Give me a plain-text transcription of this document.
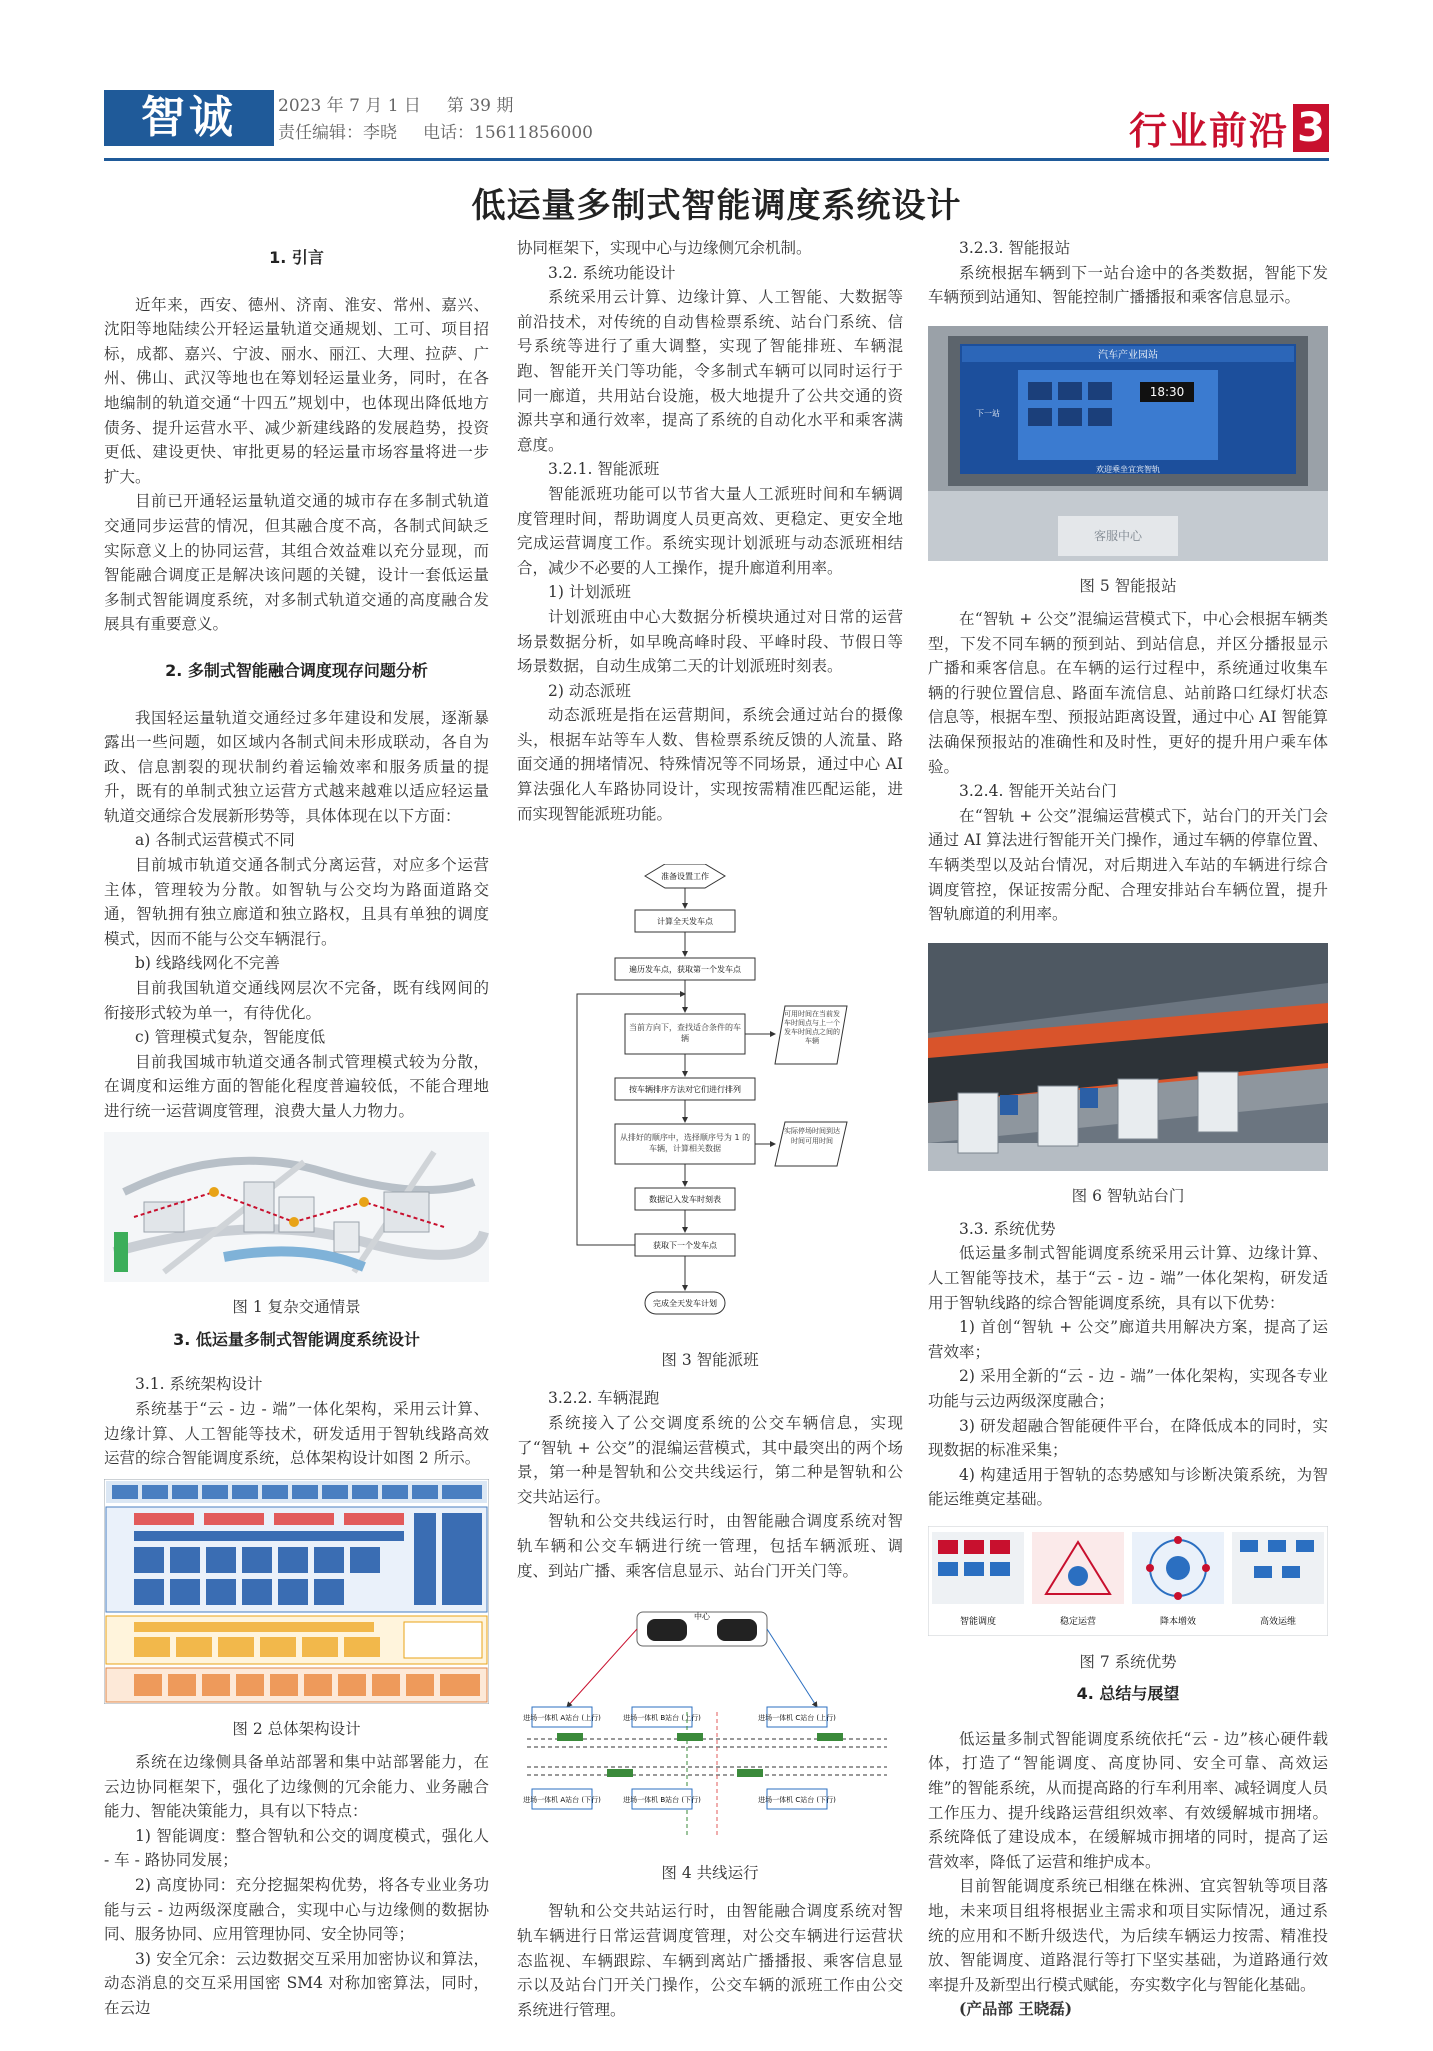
智诚	2023 年 7 月 1 日 第 39 期
责任编辑：李晓 电话：15611856000	行业前沿 3
低运量多制式智能调度系统设计
1. 引言

近年来，西安、德州、济南、淮安、常州、嘉兴、沈阳等地陆续公开轻运量轨道交通规划、工可、项目招标，成都、嘉兴、宁波、丽水、丽江、大理、拉萨、广州、佛山、武汉等地也在筹划轻运量业务，同时，在各地编制的轨道交通“十四五”规划中，也体现出降低地方债务、提升运营水平、减少新建线路的发展趋势，投资更低、建设更快、审批更易的轻运量市场容量将进一步扩大。

目前已开通轻运量轨道交通的城市存在多制式轨道交通同步运营的情况，但其融合度不高，各制式间缺乏实际意义上的协同运营，其组合效益难以充分显现，而智能融合调度正是解决该问题的关键，设计一套低运量多制式智能调度系统，对多制式轨道交通的高度融合发展具有重要意义。

2. 多制式智能融合调度现存问题分析

我国轻运量轨道交通经过多年建设和发展，逐渐暴露出一些问题，如区域内各制式间未形成联动，各自为政、信息割裂的现状制约着运输效率和服务质量的提升，既有的单制式独立运营方式越来越难以适应轻运量轨道交通综合发展新形势等，具体体现在以下方面：

a) 各制式运营模式不同

目前城市轨道交通各制式分离运营，对应多个运营主体，管理较为分散。如智轨与公交均为路面道路交通，智轨拥有独立廊道和独立路权，且具有单独的调度模式，因而不能与公交车辆混行。

b) 线路线网化不完善

目前我国轨道交通线网层次不完备，既有线网间的衔接形式较为单一，有待优化。

c) 管理模式复杂，智能度低

目前我国城市轨道交通各制式管理模式较为分散，在调度和运维方面的智能化程度普遍较低，不能合理地进行统一运营调度管理，浪费大量人力物力。

图 1 复杂交通情景
3. 低运量多制式智能调度系统设计

3.1. 系统架构设计

系统基于“云 - 边 - 端”一体化架构，采用云计算、边缘计算、人工智能等技术，研发适用于智轨线路高效运营的综合智能调度系统，总体架构设计如图 2 所示。

图 2 总体架构设计

系统在边缘侧具备单站部署和集中站部署能力，在云边协同框架下，强化了边缘侧的冗余能力、业务融合能力、智能决策能力，具有以下特点：

1) 智能调度：整合智轨和公交的调度模式，强化人 - 车 - 路协同发展；

2) 高度协同：充分挖掘架构优势，将各专业业务功能与云 - 边两级深度融合，实现中心与边缘侧的数据协同、服务协同、应用管理协同、安全协同等；

3) 安全冗余：云边数据交互采用加密协议和算法，动态消息的交互采用国密 SM4 对称加密算法，同时，在云边

协同框架下，实现中心与边缘侧冗余机制。

3.2. 系统功能设计

系统采用云计算、边缘计算、人工智能、大数据等前沿技术，对传统的自动售检票系统、站台门系统、信号系统等进行了重大调整，实现了智能排班、车辆混跑、智能开关门等功能，令多制式车辆可以同时运行于同一廊道，共用站台设施，极大地提升了公共交通的资源共享和通行效率，提高了系统的自动化水平和乘客满意度。

3.2.1. 智能派班

智能派班功能可以节省大量人工派班时间和车辆调度管理时间，帮助调度人员更高效、更稳定、更安全地完成运营调度工作。系统实现计划派班与动态派班相结合，减少不必要的人工操作，提升廊道利用率。

1) 计划派班

计划派班由中心大数据分析模块通过对日常的运营场景数据分析，如早晚高峰时段、平峰时段、节假日等场景数据，自动生成第二天的计划派班时刻表。

2) 动态派班

动态派班是指在运营期间，系统会通过站台的摄像头，根据车站等车人数、售检票系统反馈的人流量、路面交通的拥堵情况、特殊情况等不同场景，通过中心 AI 算法强化人车路协同设计，实现按需精准匹配运能，进而实现智能派班功能。

准备设置工作
计算全天发车点
遍历发车点，获取第一个发车点
当前方向下，查找适合条件的车辆
可用时间在当前发车时间点与上一个发车时间点之间的车辆
按车辆排序方法对它们进行排列
从排好的顺序中，选择顺序号为 1 的车辆，计算相关数据
实际停场时间到达时间可用时间
数据记入发车时刻表
获取下一个发车点
完成全天发车计划
图 3 智能派班

3.2.2. 车辆混跑

系统接入了公交调度系统的公交车辆信息，实现了“智轨 + 公交”的混编运营模式，其中最突出的两个场景，第一种是智轨和公交共线运行，第二种是智轨和公交共站运行。

智轨和公交共线运行时，由智能融合调度系统对智轨车辆和公交车辆进行统一管理，包括车辆派班、调度、到站广播、乘客信息显示、站台门开关门等。

中心
进场一体机 A站台 (上行)	进场一体机 B站台 (上行)	进场一体机 C站台 (上行)
进场一体机 A站台 (下行)	进场一体机 B站台 (下行)	进场一体机 C站台 (下行)
图 4 共线运行

智轨和公交共站运行时，由智能融合调度系统对智轨车辆进行日常运营调度管理，对公交车辆进行运营状态监视、车辆跟踪、车辆到离站广播播报、乘客信息显示以及站台门开关门操作，公交车辆的派班工作由公交系统进行管理。

3.2.3. 智能报站

系统根据车辆到下一站台途中的各类数据，智能下发车辆预到站通知、智能控制广播播报和乘客信息显示。

汽车产业园站
18:30
下一站
欢迎乘坐宜宾智轨
客服中心
图 5 智能报站

在“智轨 + 公交”混编运营模式下，中心会根据车辆类型，下发不同车辆的预到站、到站信息，并区分播报显示广播和乘客信息。在车辆的运行过程中，系统通过收集车辆的行驶位置信息、路面车流信息、站前路口红绿灯状态信息等，根据车型、预报站距离设置，通过中心 AI 智能算法确保预报站的准确性和及时性，更好的提升用户乘车体验。

3.2.4. 智能开关站台门

在“智轨 + 公交”混编运营模式下，站台门的开关门会通过 AI 算法进行智能开关门操作，通过车辆的停靠位置、车辆类型以及站台情况，对后期进入车站的车辆进行综合调度管控，保证按需分配、合理安排站台车辆位置，提升智轨廊道的利用率。

图 6 智轨站台门

3.3. 系统优势

低运量多制式智能调度系统采用云计算、边缘计算、人工智能等技术，基于“云 - 边 - 端”一体化架构，研发适用于智轨线路的综合智能调度系统，具有以下优势：

1) 首创“智轨 + 公交”廊道共用解决方案，提高了运营效率；

2) 采用全新的“云 - 边 - 端”一体化架构，实现各专业功能与云边两级深度融合；

3) 研发超融合智能硬件平台，在降低成本的同时，实现数据的标准采集；

4) 构建适用于智轨的态势感知与诊断决策系统，为智能运维奠定基础。

智能调度	稳定运营	降本增效	高效运维
图 7 系统优势
4. 总结与展望

低运量多制式智能调度系统依托“云 - 边”核心硬件载体，打造了“智能调度、高度协同、安全可靠、高效运维”的智能系统，从而提高路的行车利用率、减轻调度人员工作压力、提升线路运营组织效率、有效缓解城市拥堵。系统降低了建设成本，在缓解城市拥堵的同时，提高了运营效率，降低了运营和维护成本。

目前智能调度系统已相继在株洲、宜宾智轨等项目落地，未来项目组将根据业主需求和项目实际情况，通过系统的应用和不断升级迭代，为后续车辆运力按需、精准投放、智能调度、道路混行等打下坚实基础，为道路通行效率提升及新型出行模式赋能，夯实数字化与智能化基础。

(产品部 王晓磊)
